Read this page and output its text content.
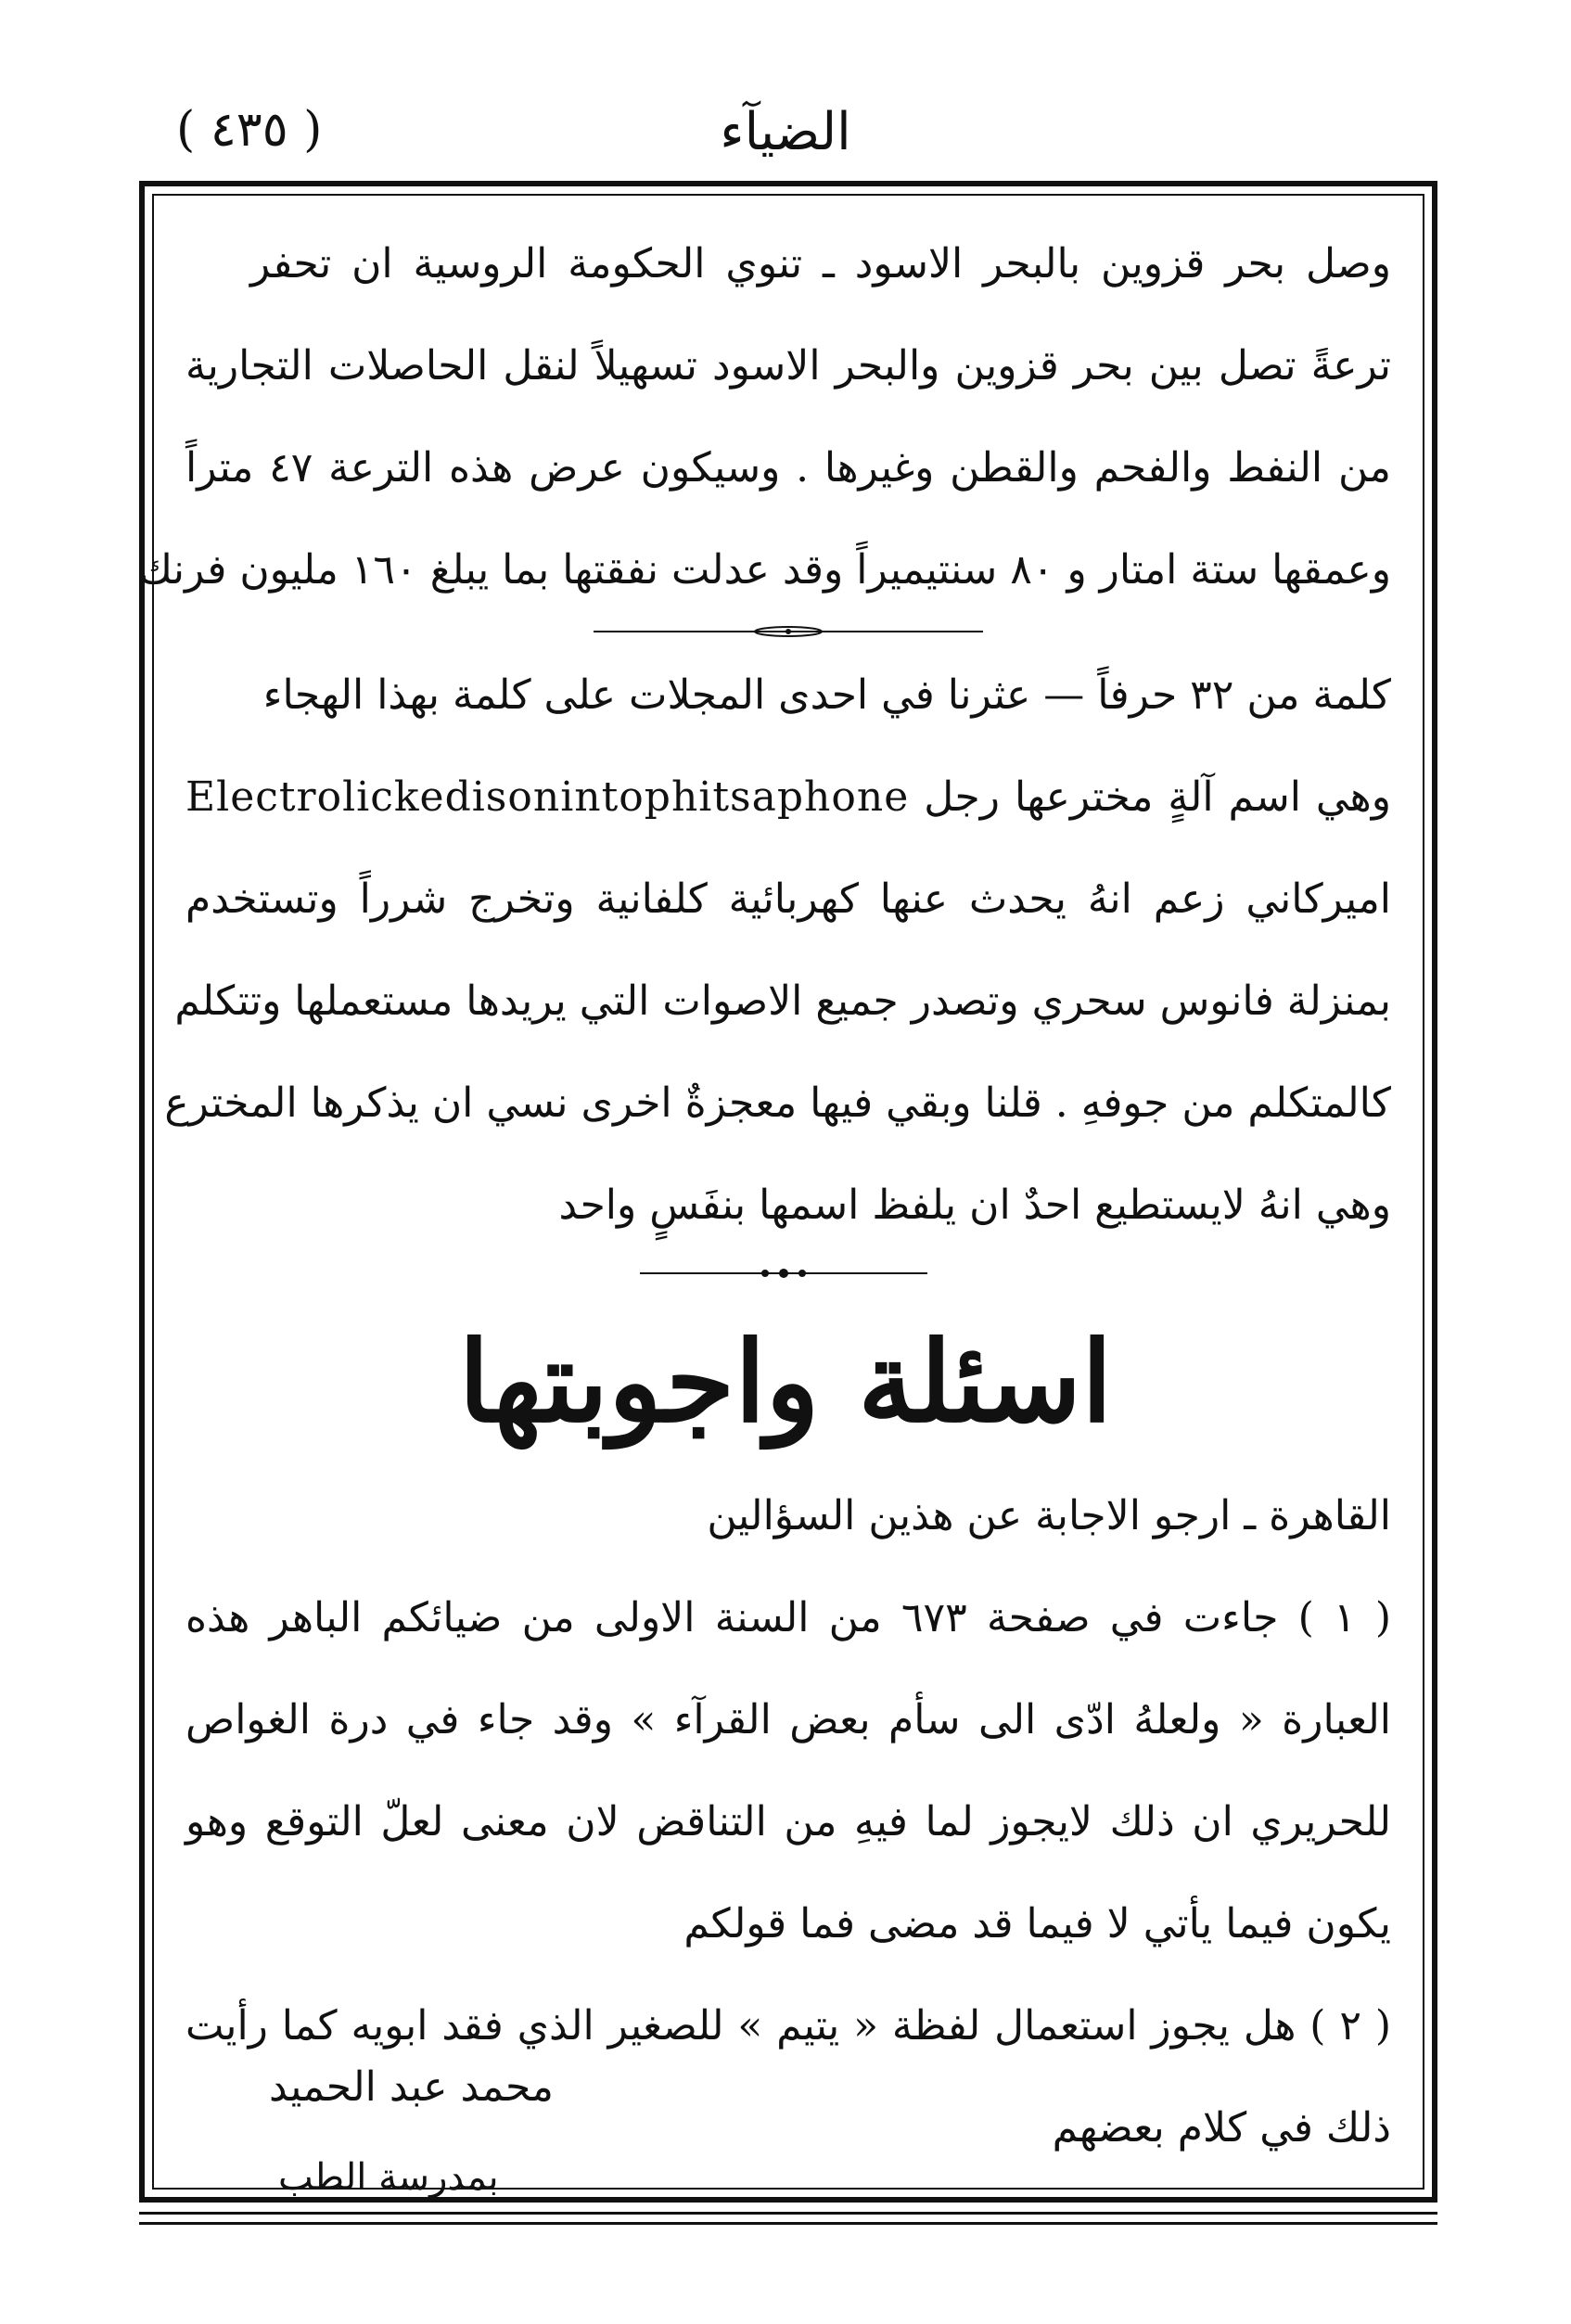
الضيآء
( ٤٣٥ )
وصل بحر قزوين بالبحر الاسود ـ تنوي الحكومة الروسية ان تحفر
ترعةً تصل بين بحر قزوين والبحر الاسود تسهيلاً لنقل الحاصلات التجارية
من النفط والفحم والقطن وغيرها . وسيكون عرض هذه الترعة ٤٧ متراً
وعمقها ستة امتار و ٨٠ سنتيميراً وقد عدلت نفقتها بما يبلغ ١٦٠ مليون فرنك
كلمة من ٣٢ حرفاً — عثرنا في احدى المجلات على كلمة بهذا الهجاء
وهي اسم آلةٍ مخترعها رجل Electrolickedisonintophitsaphone
اميركاني زعم انهُ يحدث عنها كهربائية كلفانية وتخرج شرراً وتستخدم
بمنزلة فانوس سحري وتصدر جميع الاصوات التي يريدها مستعملها وتتكلم
كالمتكلم من جوفهِ . قلنا وبقي فيها معجزةٌ اخرى نسي ان يذكرها المخترع
وهي انهُ لايستطيع احدٌ ان يلفظ اسمها بنفَسٍ واحد
اسئلة واجوبتها
القاهرة ـ ارجو الاجابة عن هذين السؤالين
( ١ ) جاءت في صفحة ٦٧٣ من السنة الاولى من ضيائكم الباهر هذه
العبارة « ولعلهُ ادّى الى سأم بعض القرآء » وقد جاء في درة الغواص
للحريري ان ذلك لايجوز لما فيهِ من التناقض لان معنى لعلّ التوقع وهو
يكون فيما يأتي لا فيما قد مضى فما قولكم
( ٢ ) هل يجوز استعمال لفظة « يتيم » للصغير الذي فقد ابويه كما رأيت
ذلك في كلام بعضهم
محمد عبد الحميد
بمدرسة الطب
